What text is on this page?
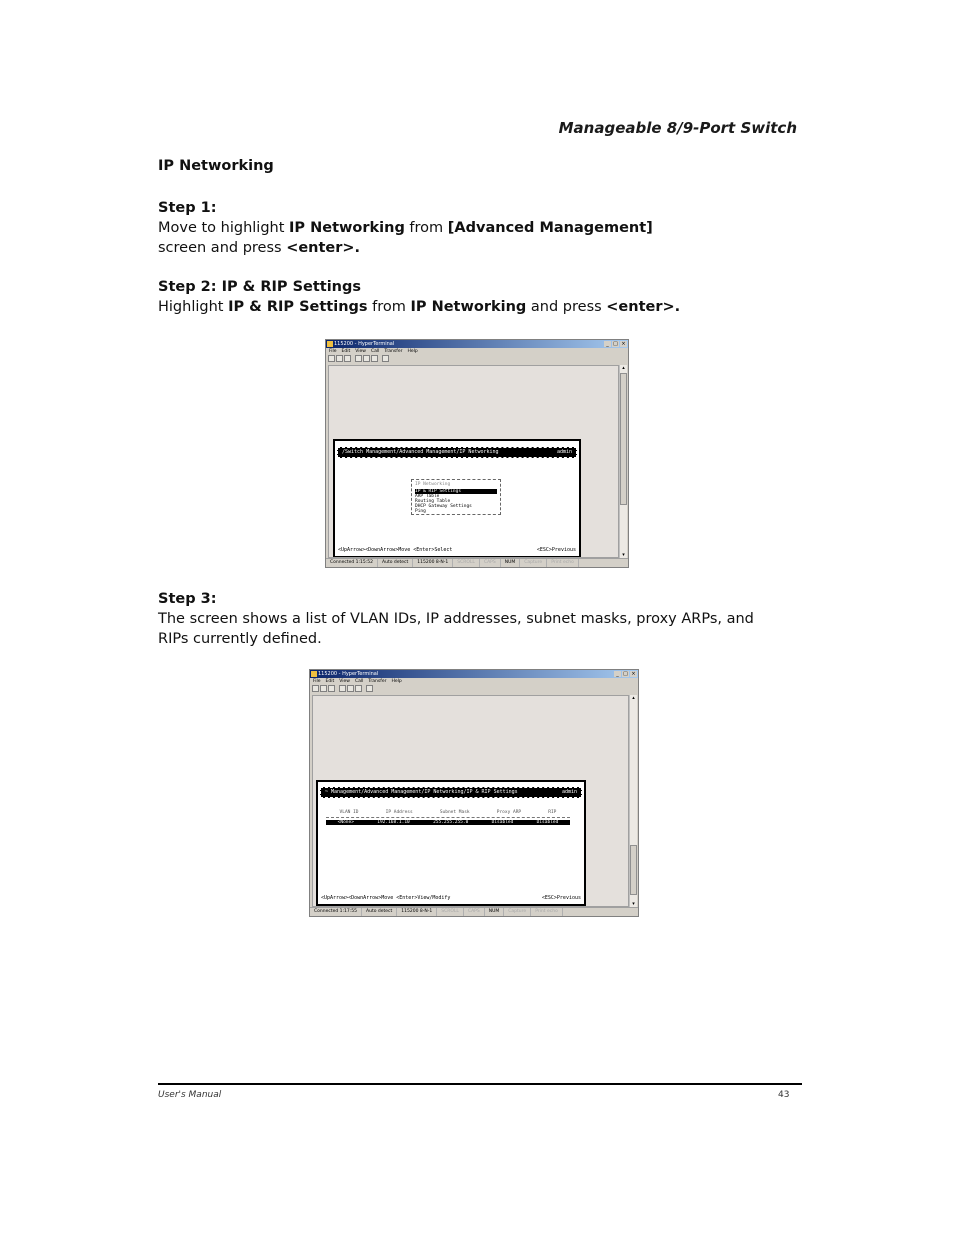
Manageable 8/9-Port Switch
IP Networking
Step 1:
Move to highlight IP Networking from [Advanced Management]
screen and press <enter>.
Step 2: IP & RIP Settings
Highlight IP & RIP Settings from IP Networking and press <enter>.
115200 - HyperTerminal	_ □ ×
File Edit View Call Transfer Help
/Switch Management/Advanced Management/IP Networking	admin
IP Networking
IP & RIP Settings
ARP Table
Routing Table
DHCP Gateway Settings
Ping
<UpArrow><DownArrow>Move <Enter>Select	<ESC>Previous
▴
▾
Connected 1:15:52	Auto detect	115200 8-N-1	SCROLL	CAPS	NUM	Capture	Print echo
Step 3:
The screen shows a list of VLAN IDs, IP addresses, subnet masks, proxy ARPs, and RIPs currently defined.
115200 - HyperTerminal	_ □ ×
File Edit View Call Transfer Help
~ Management/Advanced Management/IP Networking/IP & RIP Settings	admin
VLAN ID	IP Address	Subnet Mask	Proxy ARP	RIP
<None>	192.168.1.10	255.255.255.0	Disabled	Disabled
<UpArrow><DownArrow>Move <Enter>View/Modify	<ESC>Previous
▴
▾
Connected 1:17:55	Auto detect	115200 8-N-1	SCROLL	CAPS	NUM	Capture	Print echo
User's Manual	43
